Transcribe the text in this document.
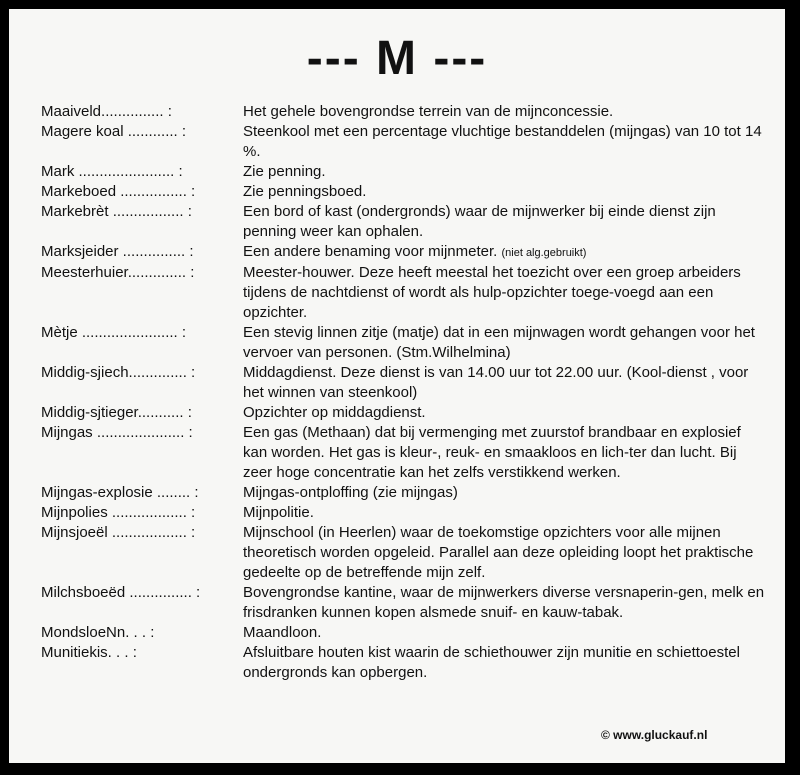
--- M ---
Maaiveld............... :	Het gehele bovengrondse terrein van de mijnconcessie.
Magere koal ............ :	Steenkool met een percentage vluchtige bestanddelen (mijngas) van 10 tot 14 %.
Mark ....................... :	Zie penning.
Markeboed ................ :	Zie penningsboed.
Markebrèt ................. :	Een bord of kast (ondergronds) waar de mijnwerker bij einde dienst zijn penning weer kan ophalen.
Marksjeider ............... :	Een andere benaming voor mijnmeter. (niet alg.gebruikt)
Meesterhuier.............. :	Meester-houwer. Deze heeft meestal het toezicht over een groep arbeiders tijdens de nachtdienst of wordt als hulp-opzichter toege-voegd aan een opzichter.
Mètje ....................... :	Een stevig linnen zitje (matje) dat in een mijnwagen wordt gehangen voor het vervoer van personen. (Stm.Wilhelmina)
Middig-sjiech.............. :	Middagdienst. Deze dienst is van 14.00 uur tot 22.00 uur. (Kool-dienst , voor het winnen van steenkool)
Middig-sjtieger........... :	Opzichter op middagdienst.
Mijngas ..................... :	Een gas (Methaan) dat bij vermenging met zuurstof brandbaar en explosief kan worden. Het gas is kleur-, reuk- en smaakloos en lich-ter dan lucht. Bij zeer hoge concentratie kan het zelfs verstikkend werken.
Mijngas-explosie ........ :	Mijngas-ontploffing (zie mijngas)
Mijnpolies .................. :	Mijnpolitie.
Mijnsjoeël .................. :	Mijnschool (in Heerlen) waar de toekomstige opzichters voor alle mijnen theoretisch worden opgeleid. Parallel aan deze opleiding loopt het praktische gedeelte op de betreffende mijn zelf.
Milchsboeëd ............... :	Bovengrondse kantine, waar de mijnwerkers diverse versnaperin-gen, melk en frisdranken kunnen kopen alsmede snuif- en kauw-tabak.
MondsloeNn. . . :	Maandloon.
Munitiekis. . . :	Afsluitbare houten kist waarin de schiethouwer zijn munitie en schiettoestel ondergronds kan opbergen.
© www.gluckauf.nl
